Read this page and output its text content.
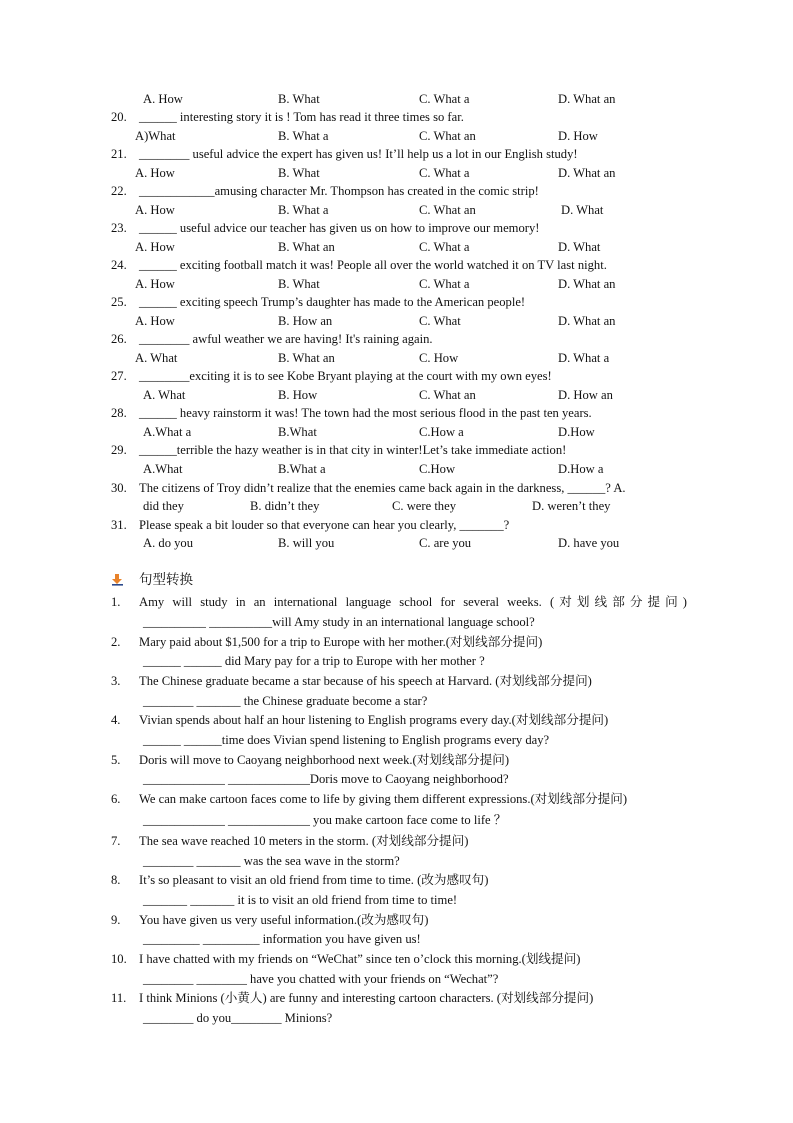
A. How	B. What	C. What a	D. What an
20. ______ interesting story it is ! Tom has read it three times so far.
A)What	B. What a	C. What an	D. How
21. ________ useful advice the expert has given us! It’ll help us a lot in our English study!
A. How	B. What	C. What a	D. What an
22. ____________amusing character Mr. Thompson has created in the comic strip!
A. How	B. What a	C. What an	D. What
23. ______ useful advice our teacher has given us on how to improve our memory!
A. How	B. What an	C. What a	D. What
24. ______ exciting football match it was! People all over the world watched it on TV last night.
A. How	B. What	C. What a	D. What an
25. ______ exciting speech Trump’s daughter has made to the American people!
A. How	B. How an	C. What	D. What an
26. ________ awful weather we are having! It's raining again.
A. What	B. What an	C. How	D. What a
27. ________exciting it is to see Kobe Bryant playing at the court with my own eyes!
A. What	B. How	C. What an	D. How an
28. ______ heavy rainstorm it was! The town had the most serious flood in the past ten years.
A.What a	B.What	C.How a	D.How
29. ______terrible the hazy weather is in that city in winter!Let’s take immediate action!
A.What	B.What a	C.How	D.How a
30. The citizens of Troy didn’t realize that the enemies came back again in the darkness, ______? A.
did they	B. didn’t they	C. were they	D. weren’t they
31. Please speak a bit louder so that everyone can hear you clearly, _______?
A. do you	B. will you	C. are you	D. have you
句型转换
1. Amy will study in an international language school for several weeks. (对划线部分提问)
__________ __________will Amy study in an international language school?
2. Mary paid about $1,500 for a trip to Europe with her mother.(对划线部分提问)
______ ______ did Mary pay for a trip to Europe with her mother ?
3. The Chinese graduate became a star because of his speech at Harvard. (对划线部分提问)
________ _______ the Chinese graduate become a star?
4. Vivian spends about half an hour listening to English programs every day.(对划线部分提问)
______ ______time does Vivian spend listening to English programs every day?
5. Doris will move to Caoyang neighborhood next week.(对划线部分提问)
_____________ _____________Doris move to Caoyang neighborhood?
6. We can make cartoon faces come to life by giving them different expressions.(对划线部分提问)
_____________ _____________ you make cartoon face come to life ？
7. The sea wave reached 10 meters in the storm. (对划线部分提问)
________ _______ was the sea wave in the storm?
8. It’s so pleasant to visit an old friend from time to time. (改为感叹句)
_______ _______ it is to visit an old friend from time to time!
9. You have given us very useful information.(改为感叹句)
_________ _________ information you have given us!
10. I have chatted with my friends on “WeChat” since ten o’clock this morning.(划线提问)
________ ________ have you chatted with your friends on “Wechat”?
11. I think Minions (小黄人) are funny and interesting cartoon characters. (对划线部分提问)
________ do you________ Minions?
